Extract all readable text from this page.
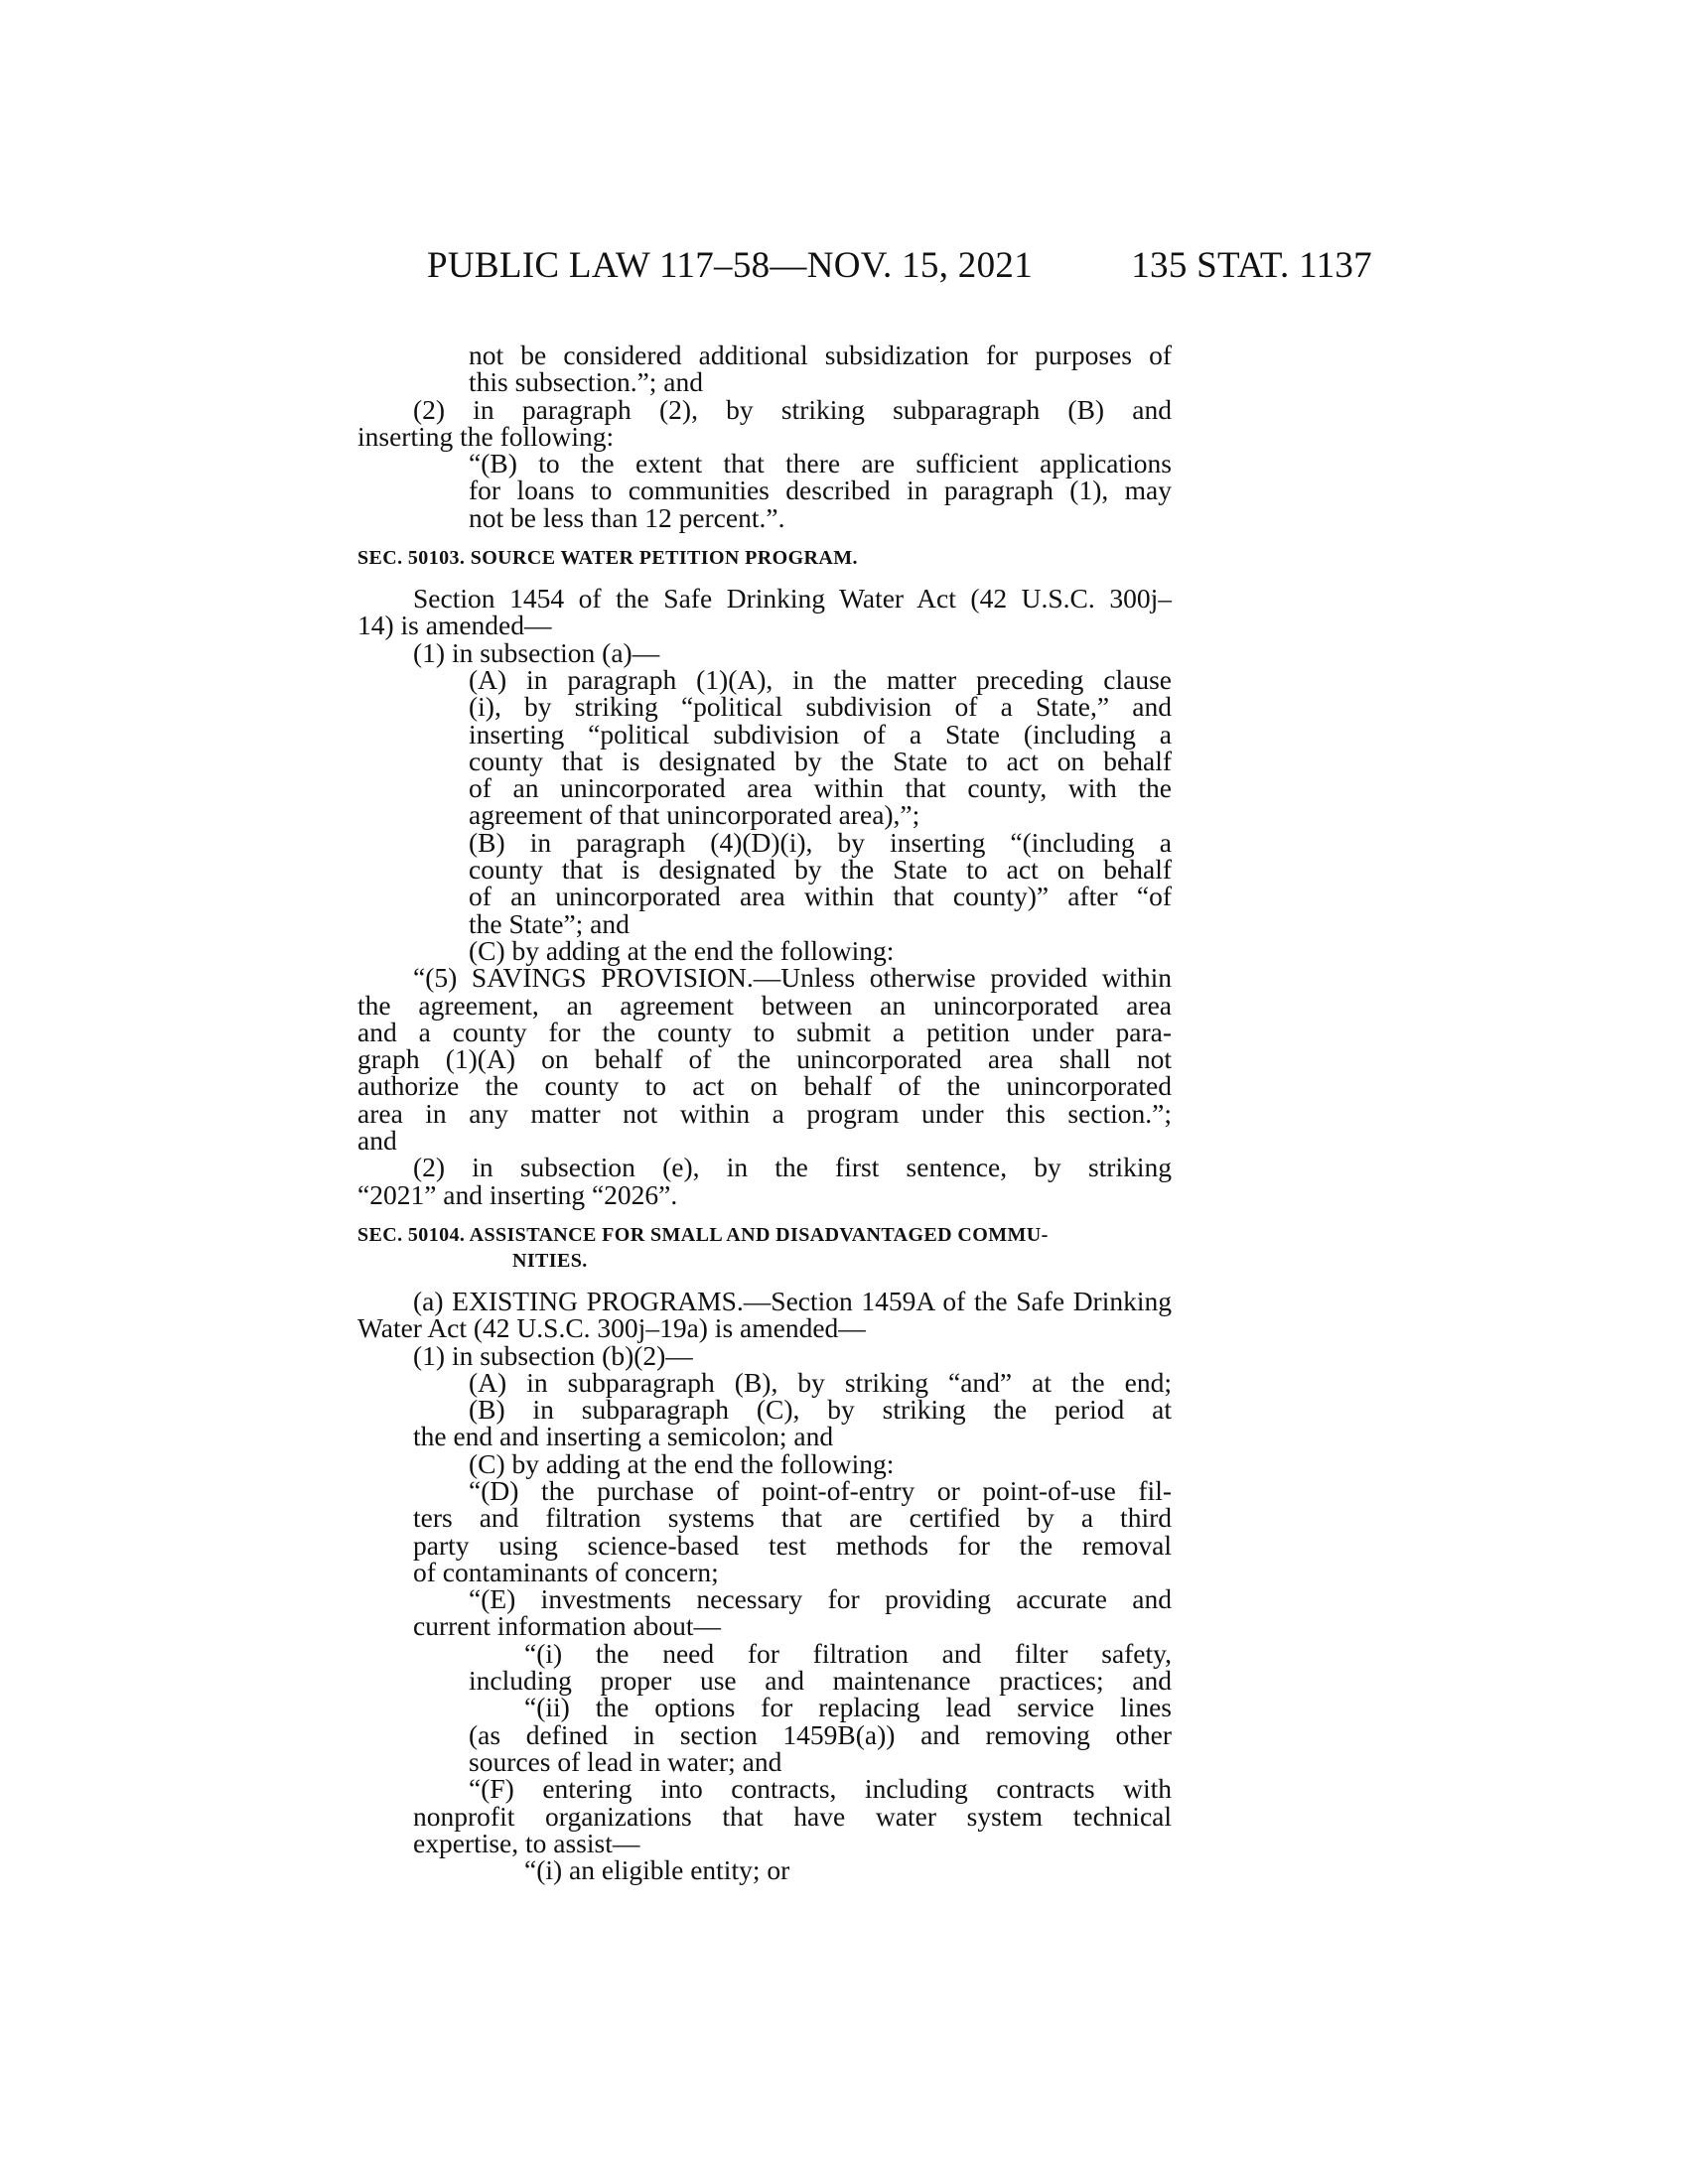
PUBLIC LAW 117–58—NOV. 15, 2021	135 STAT. 1137
not be considered additional subsidization for purposes of
this subsection.”; and
(2) in paragraph (2), by striking subparagraph (B) and
inserting the following:
“(B) to the extent that there are sufficient applications
for loans to communities described in paragraph (1), may
not be less than 12 percent.”.
SEC. 50103. SOURCE WATER PETITION PROGRAM.
Section 1454 of the Safe Drinking Water Act (42 U.S.C. 300j–
14) is amended—
(1) in subsection (a)—
(A) in paragraph (1)(A), in the matter preceding clause
(i), by striking “political subdivision of a State,” and
inserting “political subdivision of a State (including a
county that is designated by the State to act on behalf
of an unincorporated area within that county, with the
agreement of that unincorporated area),”;
(B) in paragraph (4)(D)(i), by inserting “(including a
county that is designated by the State to act on behalf
of an unincorporated area within that county)” after “of
the State”; and
(C) by adding at the end the following:
“(5) SAVINGS PROVISION.—Unless otherwise provided within
the agreement, an agreement between an unincorporated area
and a county for the county to submit a petition under para-
graph (1)(A) on behalf of the unincorporated area shall not
authorize the county to act on behalf of the unincorporated
area in any matter not within a program under this section.”;
and
(2) in subsection (e), in the first sentence, by striking
“2021” and inserting “2026”.
SEC. 50104. ASSISTANCE FOR SMALL AND DISADVANTAGED COMMU-
NITIES.
(a) EXISTING PROGRAMS.—Section 1459A of the Safe Drinking
Water Act (42 U.S.C. 300j–19a) is amended—
(1) in subsection (b)(2)—
(A) in subparagraph (B), by striking “and” at the end;
(B) in subparagraph (C), by striking the period at
the end and inserting a semicolon; and
(C) by adding at the end the following:
“(D) the purchase of point-of-entry or point-of-use fil-
ters and filtration systems that are certified by a third
party using science-based test methods for the removal
of contaminants of concern;
“(E) investments necessary for providing accurate and
current information about—
“(i) the need for filtration and filter safety,
including proper use and maintenance practices; and
“(ii) the options for replacing lead service lines
(as defined in section 1459B(a)) and removing other
sources of lead in water; and
“(F) entering into contracts, including contracts with
nonprofit organizations that have water system technical
expertise, to assist—
“(i) an eligible entity; or
